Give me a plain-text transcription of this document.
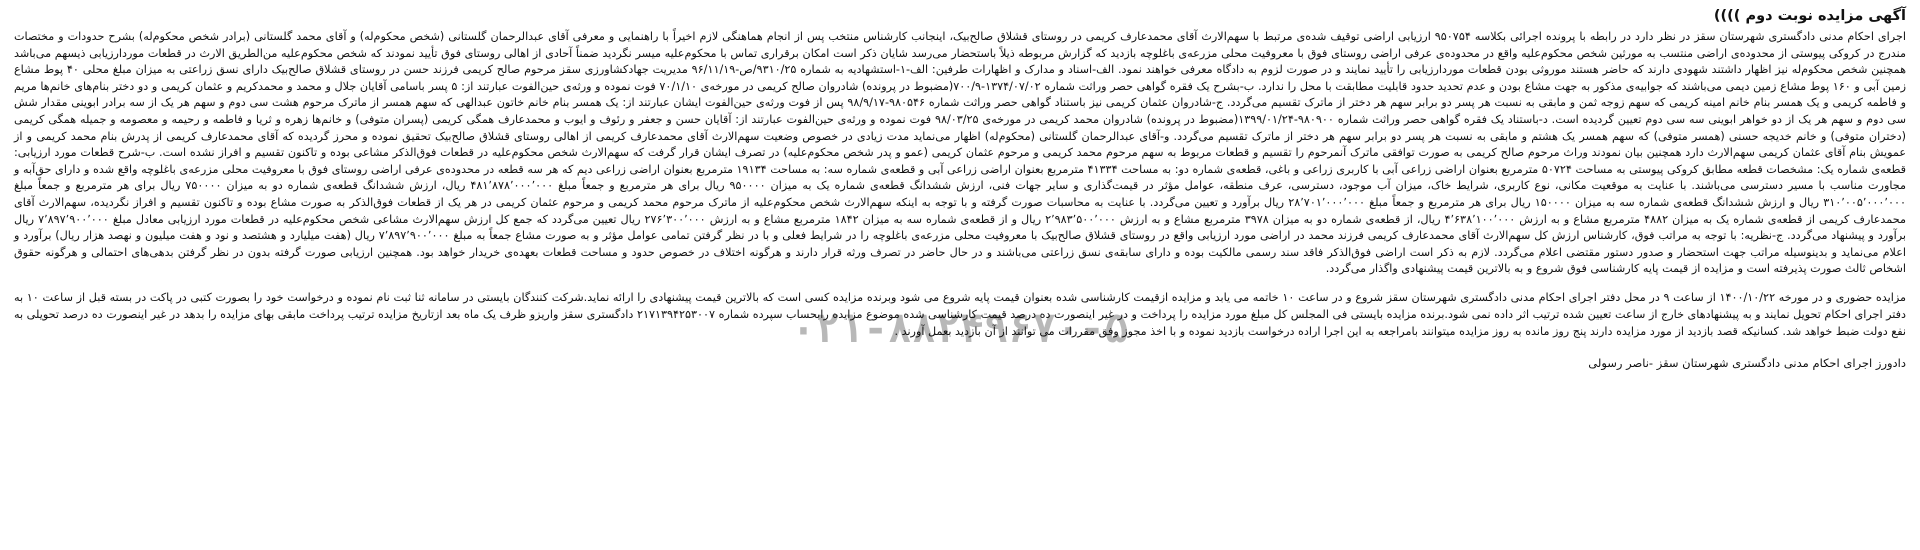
آگهی مزایده نوبت دوم ))))

اجرای احکام مدنی دادگستری شهرستان سقز در نظر دارد در رابطه با پرونده اجرائی بکلاسه ۹۵۰۷۵۴ ارزیابی اراضی توقیف شده‌ی مرتبط با سهم‌الارث آقای محمدعارف کریمی در روستای قشلاق صالح‌بیک، اینجانب کارشناس منتخب پس از انجام هماهنگی لازم اخیراً با راهنمایی و معرفی آقای عبدالرحمان گلستانی (شخص محکوم‌له) و آقای محمد گلستانی (برادر شخص محکوم‌له) بشرح حدودات و مختصات مندرج در کروکی پیوستی از محدوده‌ی اراضی منتسب به مورثین شخص محکوم‌علیه واقع در محدوده‌ی عرفی اراضی روستای فوق با معروفیت محلی مزرعه‌ی باغلوچه بازدید که گزارش مربوطه ذیلاً باستحضار می‌رسد شایان ذکر است امکان برقراری تماس با محکوم‌علیه میسر نگردید ضمناً آحادی از اهالی روستای فوق تأیید نمودند که شخص محکوم‌علیه من‌الطریق الارث در قطعات موردارزیابی ذیسهم می‌باشد همچنین شخص محکوم‌له نیز اظهار داشتند شهودی دارند که حاضر هستند موروثی بودن قطعات موردارزیابی را تأیید نمایند و در صورت لزوم به دادگاه معرفی خواهند نمود. الف-اسناد و مدارک و اظهارات طرفین: الف-۱-استشهادیه به شماره ۹۳۱۰/۲۵/ص-۹۶/۱۱/۱۹ مدیریت جهادکشاورزی سقز مرحوم صالح کریمی فرزند حسن در روستای قشلاق صالح‌بیک دارای نسق زراعتی به میزان مبلغ محلی ۴۰ پوط مشاع زمین آبی و ۱۶۰ پوط مشاع زمین دیمی می‌باشند که جوابیه‌ی مذکور به جهت مشاع بودن و عدم تحدید حدود قابلیت مطابقت با محل را ندارد. ب-بشرح یک فقره گواهی حصر وراثت شماره ۱۳۷۴/۰۷/۰۲-۷۰۰/۹(مضبوط در پرونده) شادروان صالح کریمی در مورخه‌ی ۷۰/۱/۱۰ فوت نموده و ورثه‌ی حین‌الفوت عبارتند از: ۵ پسر باسامی آقایان جلال و محمد و محمدکریم و عثمان کریمی و دو دختر بنام‌های خانم‌ها مریم و فاطمه کریمی و یک همسر بنام خانم امینه کریمی که سهم زوجه ثمن و مابقی به نسبت هر پسر دو برابر سهم هر دختر از ماترک تقسیم می‌گردد. ج-شادروان عثمان کریمی نیز باستناد گواهی حصر وراثت شماره ۹۸۰۵۴۶-۹۸/۹/۱۷ پس از فوت ورثه‌ی حین‌الفوت ایشان عبارتند از: یک همسر بنام خانم خاتون عبدالهی که سهم همسر از ماترک مرحوم هشت سی دوم و سهم هر یک از سه برادر ابوینی مقدار شش سی دوم و سهم هر یک از دو خواهر ابوینی سه سی دوم تعیین گردیده است. د-باستناد یک فقره گواهی حصر وراثت شماره ۹۸۰۹۰۰-۱۳۹۹/۰۱/۲۴(مضبوط در پرونده) شادروان محمد کریمی در مورخه‌ی ۹۸/۰۳/۲۵ فوت نموده و ورثه‌ی حین‌الفوت عبارتند از: آقایان حسن و جعفر و رئوف و ایوب و محمدعارف همگی کریمی (پسران متوفی) و خانم‌ها زهره و ثریا و فاطمه و رحیمه و معصومه و جمیله همگی کریمی (دختران متوفی) و خانم خدیجه حسنی (همسر متوفی) که سهم همسر یک هشتم و مابقی به نسبت هر پسر دو برابر سهم هر دختر از ماترک تقسیم می‌گردد. و-آقای عبدالرحمان گلستانی (محکوم‌له) اظهار می‌نماید مدت زیادی در خصوص وضعیت سهم‌الارث آقای محمدعارف کریمی از اهالی روستای قشلاق صالح‌بیک تحقیق نموده و محرز گردیده که آقای محمدعارف کریمی از پدرش بنام محمد کریمی و از عمویش بنام آقای عثمان کریمی سهم‌الارث دارد همچنین بیان نمودند وراث مرحوم صالح کریمی به صورت توافقی ماترک آنمرحوم را تقسیم و قطعات مربوط به سهم مرحوم محمد کریمی و مرحوم عثمان کریمی (عمو و پدر شخص محکوم‌علیه) در تصرف ایشان قرار گرفت که سهم‌الارث شخص محکوم‌علیه در قطعات فوق‌الذکر مشاعی بوده و تاکنون تقسیم و افراز نشده است. ب-شرح قطعات مورد ارزیابی: قطعه‌ی شماره یک: مشخصات قطعه مطابق کروکی پیوستی به مساحت ۵۰۷۲۴ مترمربع بعنوان اراضی زراعی آبی با کاربری زراعی و باغی، قطعه‌ی شماره دو: به مساحت ۴۱۳۳۴ مترمربع بعنوان اراضی زراعی آبی و قطعه‌ی شماره سه: به مساحت ۱۹۱۳۴ مترمربع بعنوان اراضی زراعی دیم که هر سه قطعه در محدوده‌ی عرفی اراضی روستای فوق با معروفیت محلی مزرعه‌ی باغلوچه واقع شده و دارای حق‌آبه و مجاورت مناسب با مسیر دسترسی می‌باشند. با عنایت به موقعیت مکانی، نوع کاربری، شرایط خاک، میزان آب موجود، دسترسی، عرف منطقه، عوامل مؤثر در قیمت‌گذاری و سایر جهات فنی، ارزش ششدانگ قطعه‌ی شماره یک به میزان ۹۵۰۰۰۰ ریال برای هر مترمربع و جمعاً مبلغ ۴۸۱٬۸۷۸٬۰۰۰٬۰۰۰ ریال، ارزش ششدانگ قطعه‌ی شماره دو به میزان ۷۵۰۰۰۰ ریال برای هر مترمربع و جمعاً مبلغ ۳۱۰٬۰۰۵٬۰۰۰٬۰۰۰ ریال و ارزش ششدانگ قطعه‌ی شماره سه به میزان ۱۵۰۰۰۰ ریال برای هر مترمربع و جمعاً مبلغ ۲۸٬۷۰۱٬۰۰۰٬۰۰۰ ریال برآورد و تعیین می‌گردد. با عنایت به محاسبات صورت گرفته و با توجه به اینکه سهم‌الارث شخص محکوم‌علیه از ماترک مرحوم محمد کریمی و مرحوم عثمان کریمی در هر یک از قطعات فوق‌الذکر به صورت مشاع بوده و تاکنون تقسیم و افراز نگردیده، سهم‌الارث آقای محمدعارف کریمی از قطعه‌ی شماره یک به میزان ۴۸۸۲ مترمربع مشاع و به ارزش ۴٬۶۳۸٬۱۰۰٬۰۰۰ ریال، از قطعه‌ی شماره دو به میزان ۳۹۷۸ مترمربع مشاع و به ارزش ۲٬۹۸۳٬۵۰۰٬۰۰۰ ریال و از قطعه‌ی شماره سه به میزان ۱۸۴۲ مترمربع مشاع و به ارزش ۲۷۶٬۳۰۰٬۰۰۰ ریال تعیین می‌گردد که جمع کل ارزش سهم‌الارث مشاعی شخص محکوم‌علیه در قطعات مورد ارزیابی معادل مبلغ ۷٬۸۹۷٬۹۰۰٬۰۰۰ ریال برآورد و پیشنهاد می‌گردد. ج-نظریه: با توجه به مراتب فوق، کارشناس ارزش کل سهم‌الارث آقای محمدعارف کریمی فرزند محمد در اراضی مورد ارزیابی واقع در روستای قشلاق صالح‌بیک با معروفیت محلی مزرعه‌ی باغلوچه را در شرایط فعلی و با در نظر گرفتن تمامی عوامل مؤثر و به صورت مشاع جمعاً به مبلغ ۷٬۸۹۷٬۹۰۰٬۰۰۰ ریال (هفت میلیارد و هشتصد و نود و هفت میلیون و نهصد هزار ریال) برآورد و اعلام می‌نماید و بدینوسیله مراتب جهت استحضار و صدور دستور مقتضی اعلام می‌گردد. لازم به ذکر است اراضی فوق‌الذکر فاقد سند رسمی مالکیت بوده و دارای سابقه‌ی نسق زراعتی می‌باشند و در حال حاضر در تصرف ورثه قرار دارند و هرگونه اختلاف در خصوص حدود و مساحت قطعات بعهده‌ی خریدار خواهد بود. همچنین ارزیابی صورت گرفته بدون در نظر گرفتن بدهی‌های احتمالی و هرگونه حقوق اشخاص ثالث صورت پذیرفته است و مزایده از قیمت پایه کارشناسی فوق شروع و به بالاترین قیمت پیشنهادی واگذار می‌گردد.

۰۲۱-۸۸۲۴۹۶۷۰-۵

مزایده حضوری و در مورخه ۱۴۰۰/۱۰/۲۲ از ساعت ۹ در محل دفتر اجرای احکام مدنی دادگستری شهرستان سقز شروع و در ساعت ۱۰ خاتمه می یابد و مزایده ازقیمت کارشناسی شده بعنوان قیمت پایه شروع می شود وبرنده مزایده کسی است که بالاترین قیمت پیشنهادی را ارائه نماید.شرکت کنندگان بایستی در سامانه ثنا ثبت نام نموده و درخواست خود را بصورت کتبی در پاکت در بسته قبل از ساعت ۱۰ به دفتر اجرای احکام تحویل نمایند و به پیشنهادهای خارج از ساعت تعیین شده ترتیب اثر داده نمی شود.برنده مزایده بایستی فی المجلس کل مبلغ مورد مزایده را پرداخت و در غیر اینصورت ده درصد قیمت کارشناسی شده موضوع مزایده رابحساب سپرده شماره ۲۱۷۱۳۹۴۲۵۳۰۰۷ دادگستری سقز واریزو ظرف یک ماه بعد ازتاریخ مزایده ترتیب پرداخت مابقی بهای مزایده را بدهد در غیر اینصورت ده درصد تحویلی به نفع دولت ضبط خواهد شد. کسانیکه قصد بازدید از مورد مزایده دارند پنج روز مانده به روز مزایده میتوانند بامراجعه به این اجرا اراده درخواست بازدید نموده و با اخذ مجوز وفق مقررات می توانند از آن بازدید بعمل آورند .

دادورز اجرای احکام مدنی دادگستری شهرستان سقز -ناصر رسولی
